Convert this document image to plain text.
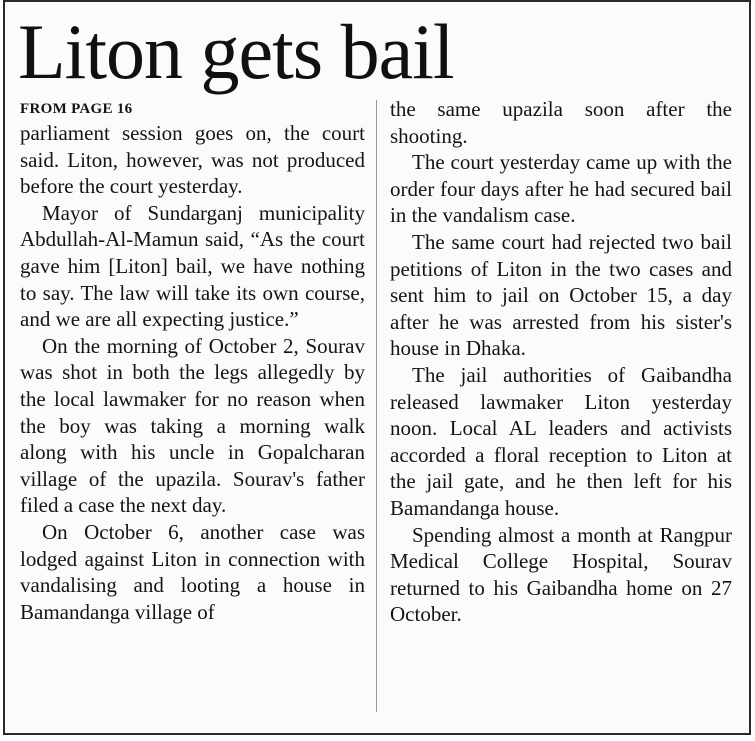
Liton gets bail
FROM PAGE 16

parliament session goes on, the court said. Liton, however, was not produced before the court yesterday.

Mayor of Sundarganj municipality Abdullah-Al-Mamun said, “As the court gave him [Liton] bail, we have nothing to say. The law will take its own course, and we are all expecting justice.”

On the morning of October 2, Sourav was shot in both the legs allegedly by the local lawmaker for no reason when the boy was taking a morning walk along with his uncle in Gopalcharan village of the upazila. Sourav's father filed a case the next day.

On October 6, another case was lodged against Liton in connection with vandalising and looting a house in Bamandanga village of

the same upazila soon after the shooting.

The court yesterday came up with the order four days after he had secured bail in the vandalism case.

The same court had rejected two bail petitions of Liton in the two cases and sent him to jail on October 15, a day after he was arrested from his sister's house in Dhaka.

The jail authorities of Gaibandha released lawmaker Liton yesterday noon. Local AL leaders and activists accorded a floral reception to Liton at the jail gate, and he then left for his Bamandanga house.

Spending almost a month at Rangpur Medical College Hospital, Sourav returned to his Gaibandha home on 27 October.
